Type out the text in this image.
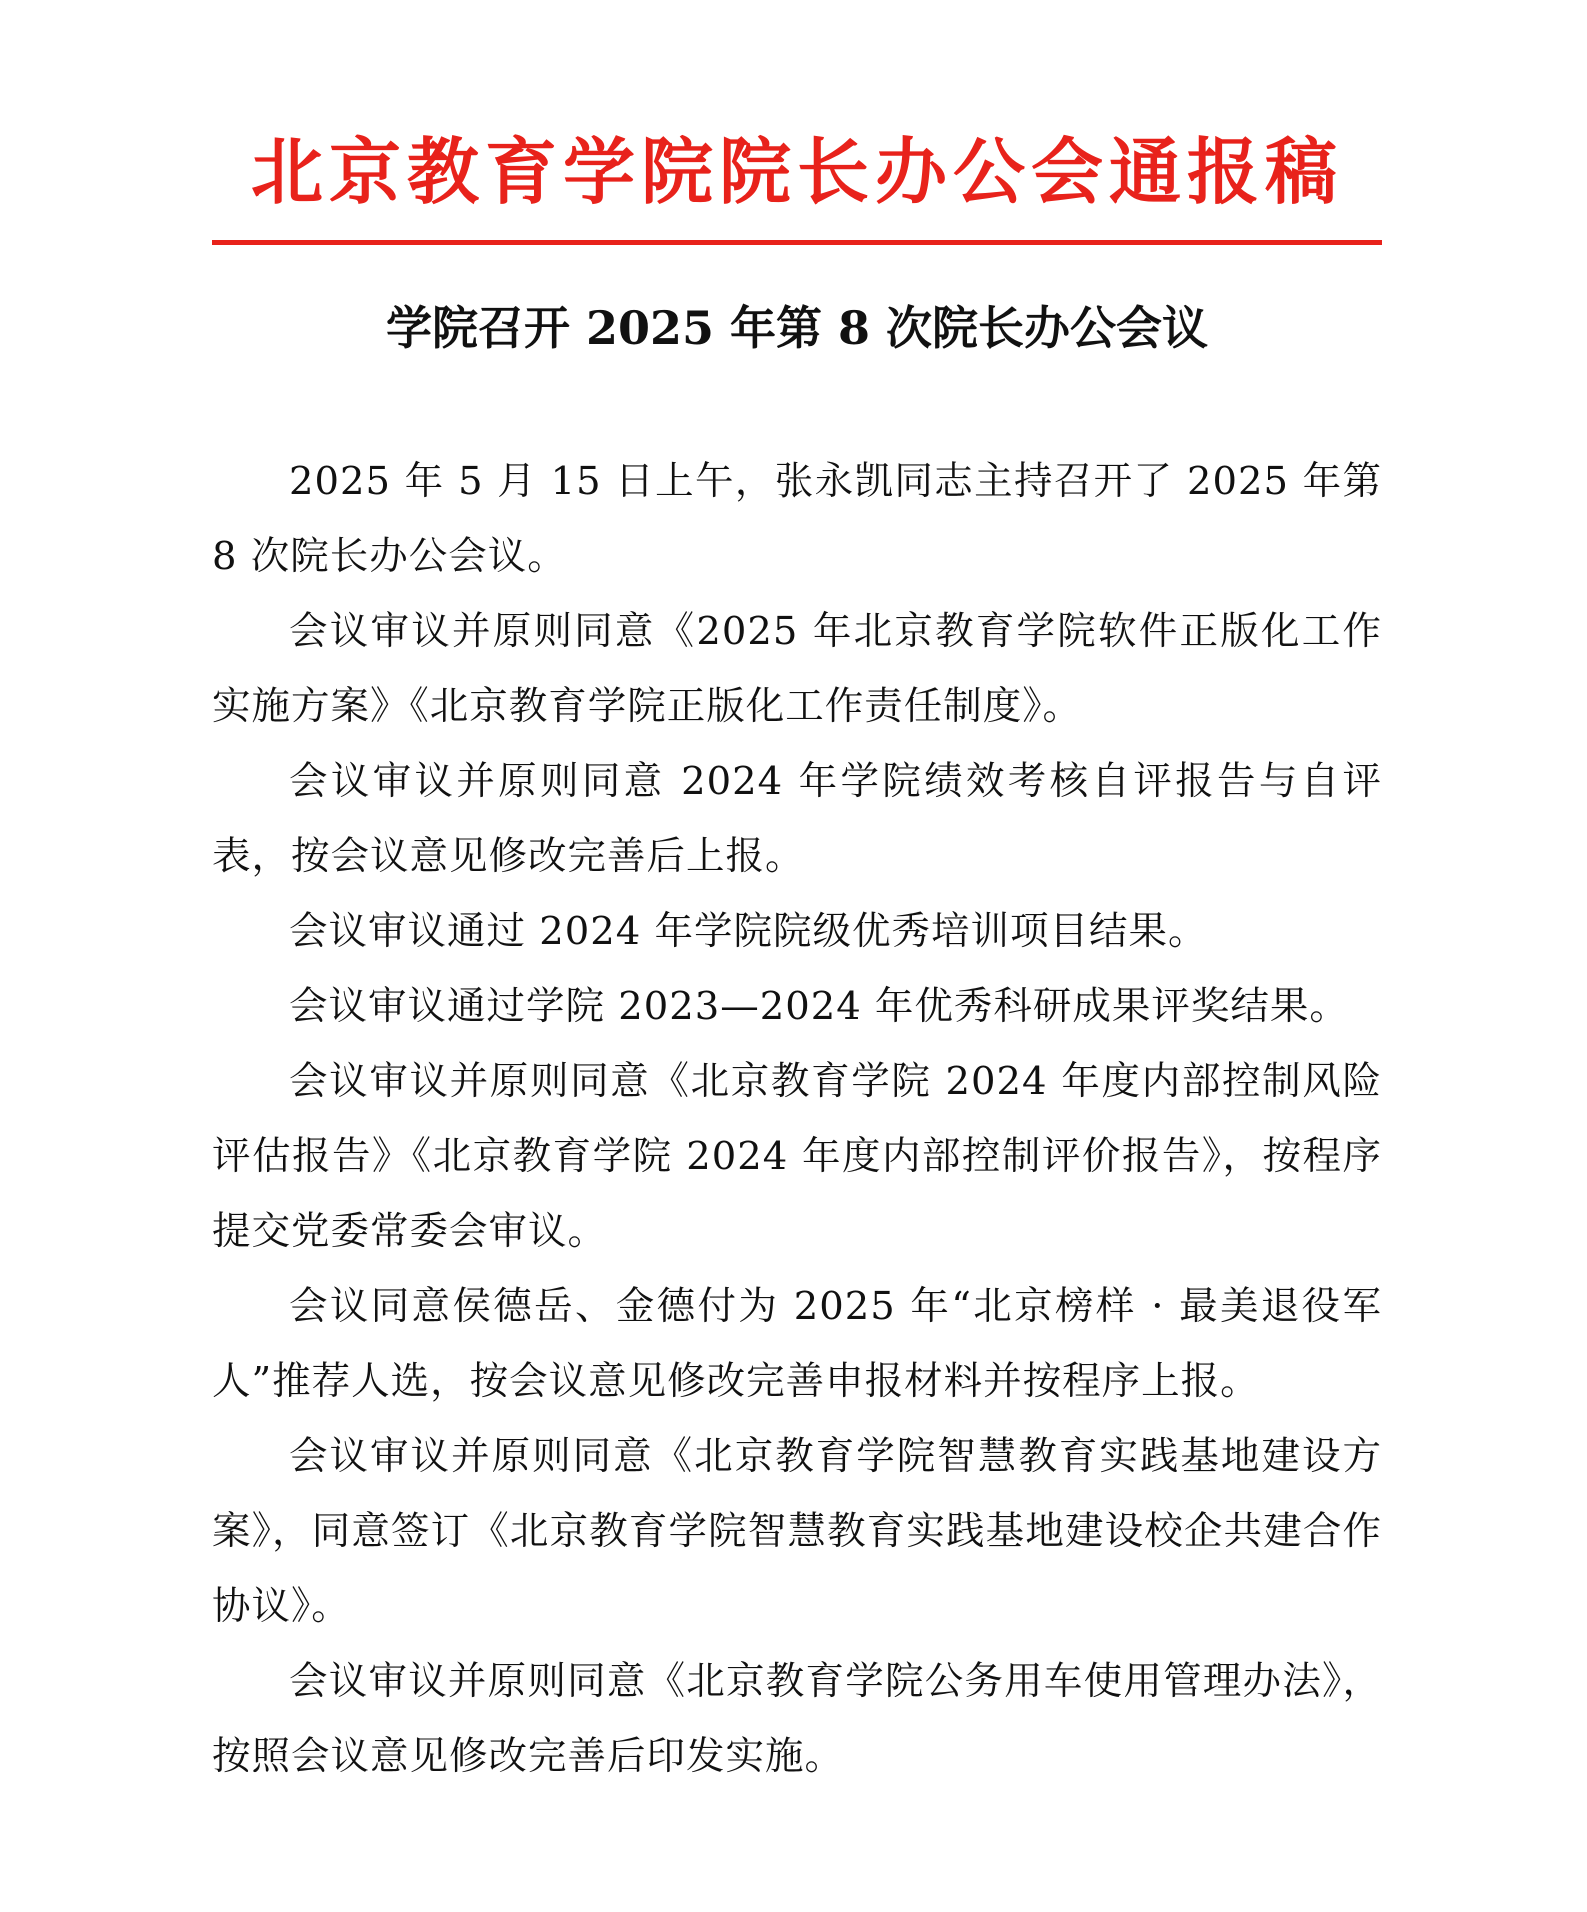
北京教育学院院长办公会通报稿
学院召开 2025 年第 8 次院长办公会议

2025 年 5 月 15 日上午，张永凯同志主持召开了 2025 年第 8 次院长办公会议。

会议审议并原则同意《2025 年北京教育学院软件正版化工作实施方案》《北京教育学院正版化工作责任制度》。

会议审议并原则同意 2024 年学院绩效考核自评报告与自评表，按会议意见修改完善后上报。

会议审议通过 2024 年学院院级优秀培训项目结果。

会议审议通过学院 2023—2024 年优秀科研成果评奖结果。

会议审议并原则同意《北京教育学院 2024 年度内部控制风险评估报告》《北京教育学院 2024 年度内部控制评价报告》，按程序提交党委常委会审议。

会议同意侯德岳、金德付为 2025 年“北京榜样 · 最美退役军人”推荐人选，按会议意见修改完善申报材料并按程序上报。

会议审议并原则同意《北京教育学院智慧教育实践基地建设方案》，同意签订《北京教育学院智慧教育实践基地建设校企共建合作协议》。

会议审议并原则同意《北京教育学院公务用车使用管理办法》，按照会议意见修改完善后印发实施。
